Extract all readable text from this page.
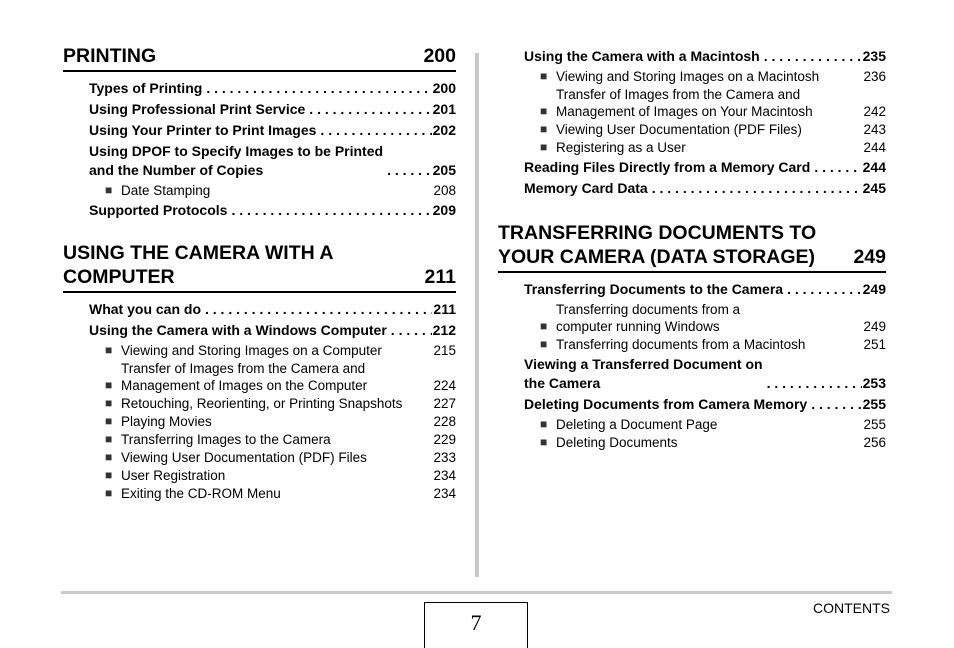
PRINTING	200
Types of Printing . . .	200
Using Professional Print Service . . .	201
Using Your Printer to Print Images . . .	202
Using DPOF to Specify Images to be Printed
and the Number of Copies . . .	205
■ Date Stamping	208
Supported Protocols . . .	209
USING THE CAMERA WITH A
COMPUTER	211
What you can do . . .	211
Using the Camera with a Windows Computer . . .	212
■ Viewing and Storing Images on a Computer	215
■
Transfer of Images from the Camera and
Management of Images on the Computer	224
■ Retouching, Reorienting, or Printing Snapshots	227
■ Playing Movies	228
■ Transferring Images to the Camera	229
■ Viewing User Documentation (PDF) Files	233
■ User Registration	234
■ Exiting the CD-ROM Menu	234
Using the Camera with a Macintosh . . .	235
■ Viewing and Storing Images on a Macintosh	236
■
Transfer of Images from the Camera and
Management of Images on Your Macintosh	242
■ Viewing User Documentation (PDF Files)	243
■ Registering as a User	244
Reading Files Directly from a Memory Card . . .	244
Memory Card Data . . .	245
TRANSFERRING DOCUMENTS TO
YOUR CAMERA (DATA STORAGE) 249
Transferring Documents to the Camera . . .	249
■
Transferring documents from a
computer running Windows	249
■ Transferring documents from a Macintosh	251
Viewing a Transferred Document on
the Camera . . .	253
Deleting Documents from Camera Memory . . .	255
■ Deleting a Document Page	255
■ Deleting Documents	256
7
CONTENTS
